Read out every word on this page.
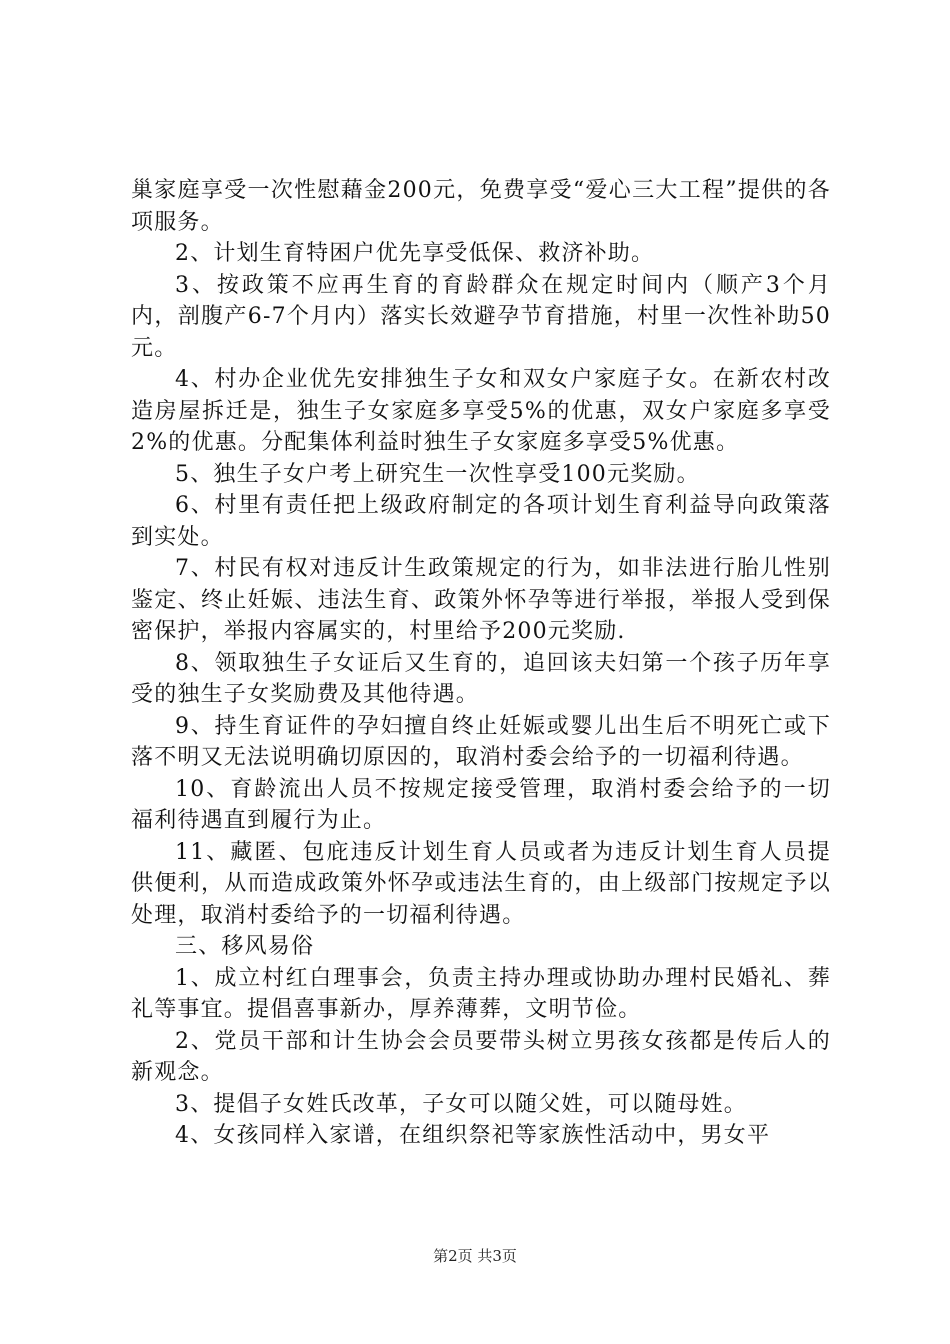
巢家庭享受一次性慰藉金200元，免费享受“爱心三大工程”提供的各项服务。

2、计划生育特困户优先享受低保、救济补助。

3、按政策不应再生育的育龄群众在规定时间内（顺产3个月内，剖腹产6-7个月内）落实长效避孕节育措施，村里一次性补助50元。

4、村办企业优先安排独生子女和双女户家庭子女。在新农村改造房屋拆迁是，独生子女家庭多享受5%的优惠，双女户家庭多享受2%的优惠。分配集体利益时独生子女家庭多享受5%优惠。

5、独生子女户考上研究生一次性享受100元奖励。

6、村里有责任把上级政府制定的各项计划生育利益导向政策落到实处。

7、村民有权对违反计生政策规定的行为，如非法进行胎儿性别鉴定、终止妊娠、违法生育、政策外怀孕等进行举报，举报人受到保密保护，举报内容属实的，村里给予200元奖励.

8、领取独生子女证后又生育的，追回该夫妇第一个孩子历年享受的独生子女奖励费及其他待遇。

9、持生育证件的孕妇擅自终止妊娠或婴儿出生后不明死亡或下落不明又无法说明确切原因的，取消村委会给予的一切福利待遇。

10、育龄流出人员不按规定接受管理，取消村委会给予的一切福利待遇直到履行为止。

11、藏匿、包庇违反计划生育人员或者为违反计划生育人员提供便利，从而造成政策外怀孕或违法生育的，由上级部门按规定予以处理，取消村委给予的一切福利待遇。

三、移风易俗

1、成立村红白理事会，负责主持办理或协助办理村民婚礼、葬礼等事宜。提倡喜事新办，厚养薄葬，文明节俭。

2、党员干部和计生协会会员要带头树立男孩女孩都是传后人的新观念。

3、提倡子女姓氏改革，子女可以随父姓，可以随母姓。

4、女孩同样入家谱，在组织祭祀等家族性活动中，男女平

第2页 共3页
